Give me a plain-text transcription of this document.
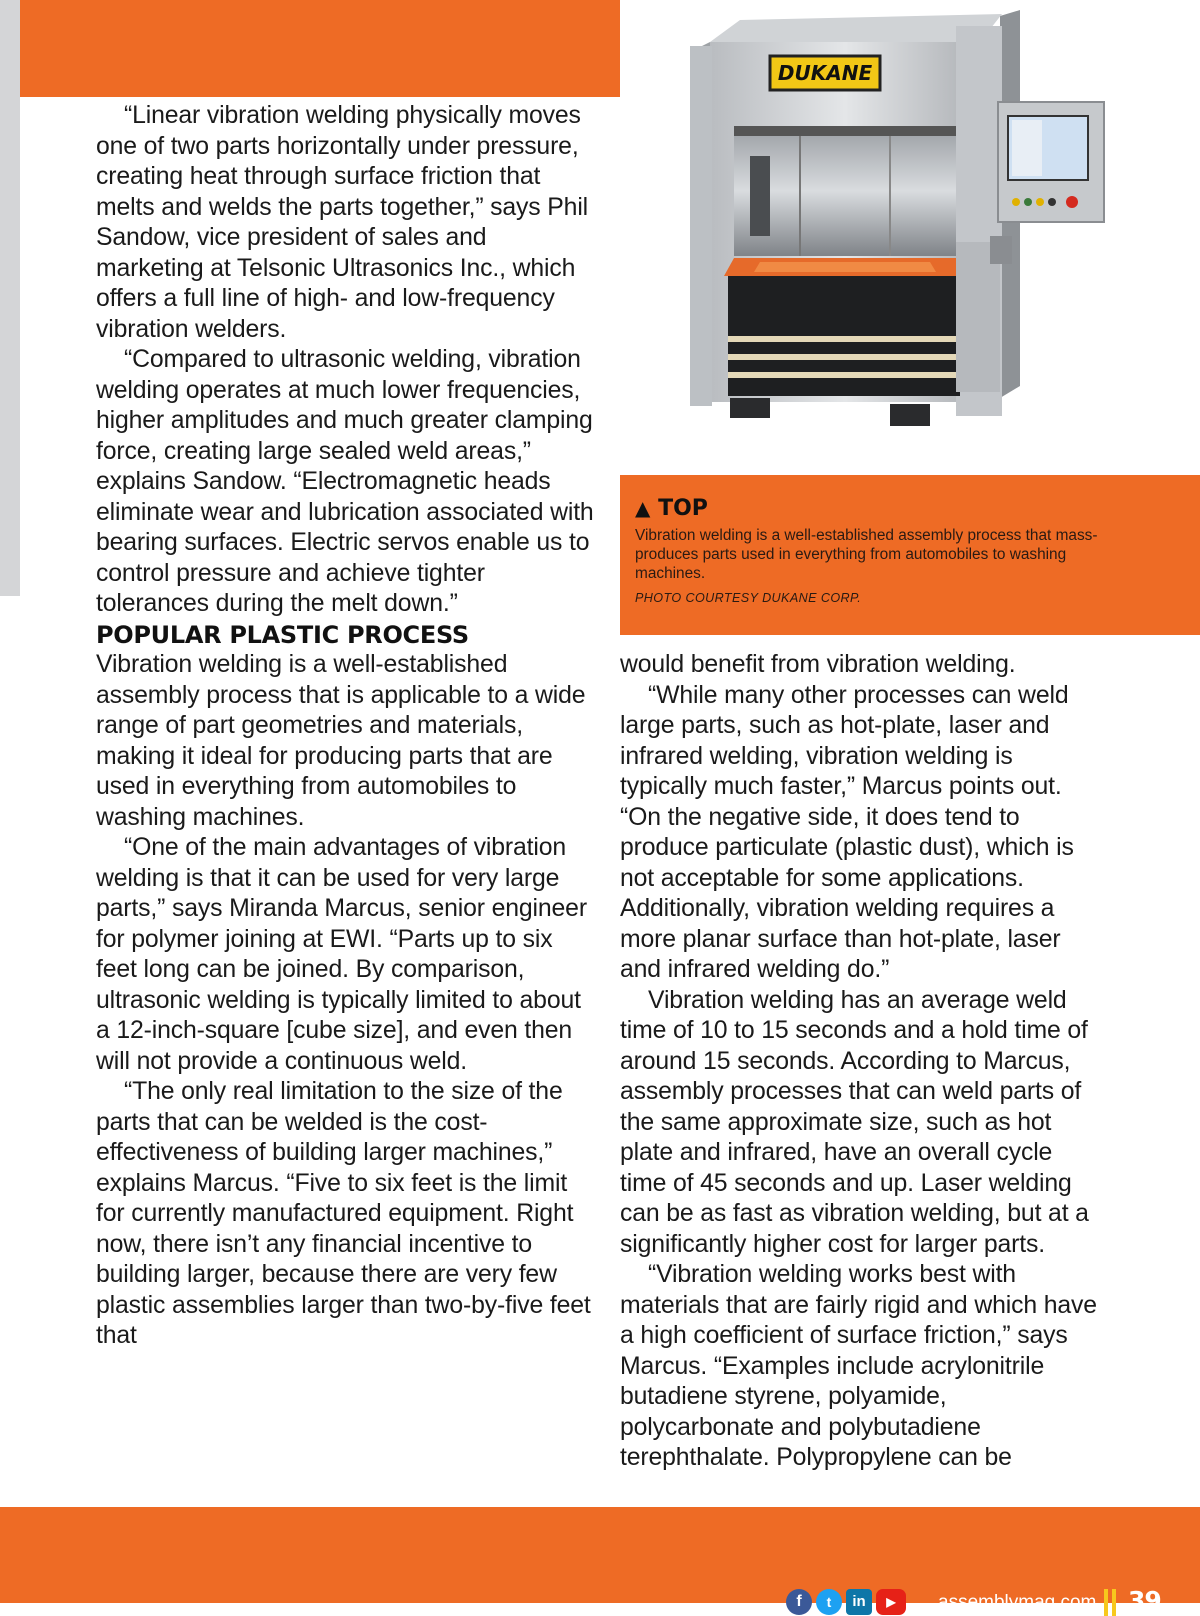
“Linear vibration welding physically moves one of two parts horizontally under pressure, creating heat through surface friction that melts and welds the parts together,” says Phil Sandow, vice president of sales and marketing at Telsonic Ultrasonics Inc., which offers a full line of high- and low-frequency vibration welders.

“Compared to ultrasonic welding, vibration welding operates at much lower frequencies, higher amplitudes and much greater clamping force, creating large sealed weld areas,” explains Sandow. “Electromagnetic heads eliminate wear and lubrication associated with bearing surfaces. Electric servos enable us to control pressure and achieve tighter tolerances during the melt down.”

POPULAR PLASTIC PROCESS

Vibration welding is a well-established assembly process that is applicable to a wide range of part geometries and materials, making it ideal for producing parts that are used in everything from automobiles to washing machines.

“One of the main advantages of vibration welding is that it can be used for very large parts,” says Miranda Marcus, senior engineer for polymer joining at EWI. “Parts up to six feet long can be joined. By comparison, ultrasonic welding is typically limited to about a 12-inch-square [cube size], and even then will not provide a continuous weld.

“The only real limitation to the size of the parts that can be welded is the cost-effectiveness of building larger machines,” explains Marcus. “Five to six feet is the limit for currently manufactured equipment. Right now, there isn’t any financial incentive to building larger, because there are very few plastic assemblies larger than two-by-five feet that

DUKANE
▲ TOP
Vibration welding is a well-established assembly process that mass-produces parts used in everything from automobiles to washing machines.
PHOTO COURTESY DUKANE CORP.

would benefit from vibration welding.

“While many other processes can weld large parts, such as hot-plate, laser and infrared welding, vibration welding is typically much faster,” Marcus points out. “On the negative side, it does tend to produce particulate (plastic dust), which is not acceptable for some applications. Additionally, vibration welding requires a more planar surface than hot-plate, laser and infrared welding do.”

Vibration welding has an average weld time of 10 to 15 seconds and a hold time of around 15 seconds. According to Marcus, assembly processes that can weld parts of the same approximate size, such as hot plate and infrared, have an overall cycle time of 45 seconds and up. Laser welding can be as fast as vibration welding, but at a significantly higher cost for larger parts.

“Vibration welding works best with materials that are fairly rigid and which have a high coefficient of surface friction,” says Marcus. “Examples include acrylonitrile butadiene styrene, polyamide, polycarbonate and polybutadiene terephthalate. Polypropylene can be

f	t	in	▶	assemblymag.com 39
